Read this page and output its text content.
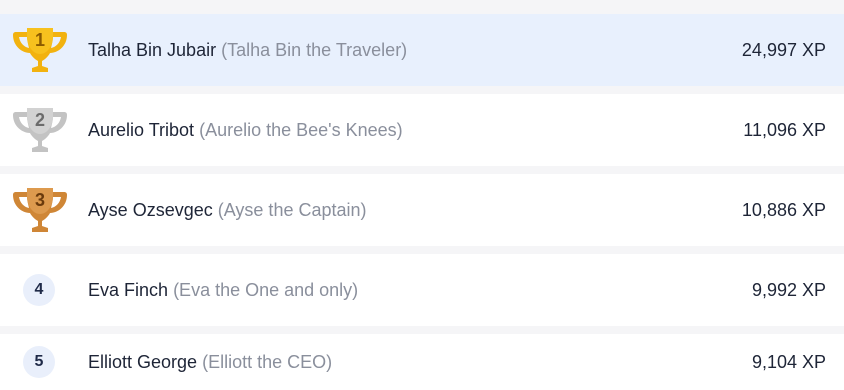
1	Talha Bin Jubair (Talha Bin the Traveler)	24,997 XP
2	Aurelio Tribot (Aurelio the Bee's Knees)	11,096 XP
3	Ayse Ozsevgec (Ayse the Captain)	10,886 XP
4	Eva Finch (Eva the One and only)	9,992 XP
5	Elliott George (Elliott the CEO)	9,104 XP
